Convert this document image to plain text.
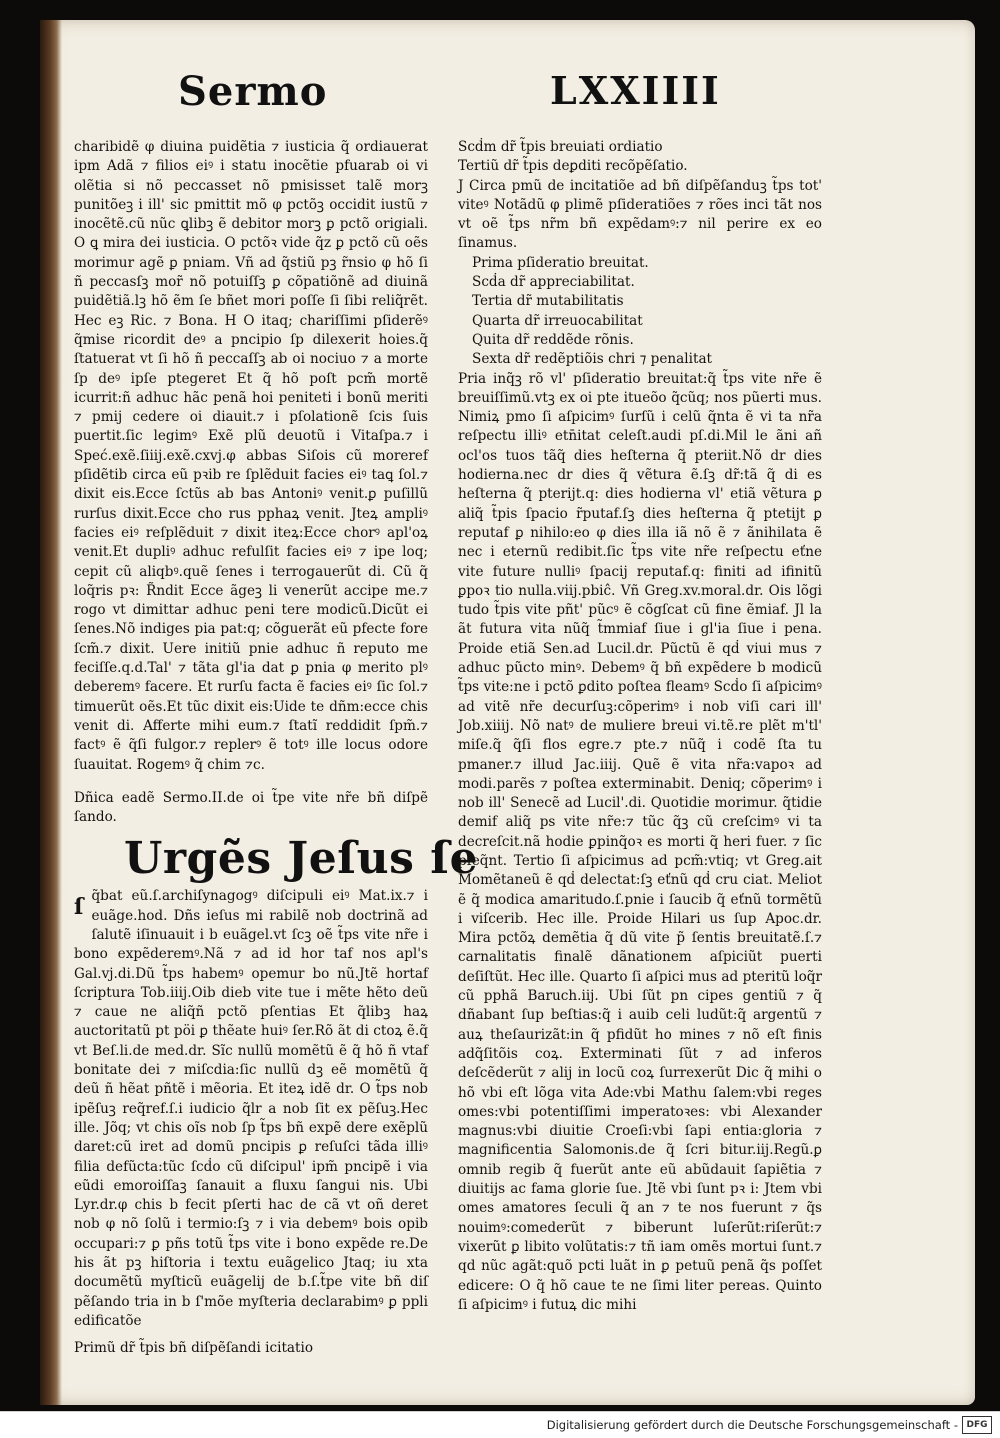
Sermo	LXXIIII

charibidẽ φ diuina puidẽtia ⁊ iusticia q̃ ordiauerat ipm Adã ⁊ filios eiꝰ i statu inocẽtie pfuarab oi vi olẽtia si nõ peccasset nõ pmisisset talẽ morꝫ punitõeꝫ i ill' sic pmittit mõ φ pctõꝫ occidit iustũ ⁊ inocẽtẽ.cũ nũc ꝗlibꝫ ẽ debitor morꝫ ꝑ pctõ origiali. O ꝗ mira dei iusticia. O pctõꝛ vide q̃z ꝑ pctõ cũ oẽs morimur agẽ ꝑ pniam. Vñ ad q̃stiũ pꝫ r̃nsio φ hõ ſi ñ peccasſꝫ mor̃ nõ potuiſſꝫ ꝑ cõpatiõnẽ ad diuinã puidẽtiã.lꝫ hõ ẽm ſe bñet mori poſſe ſi ſibi reliq̃rẽt. Hec eꝫ Ric. ⁊ Bona. H O itaq; chariſſimi pſiderẽꝰ q̃mise ricordit deꝰ a pncipio ſp dilexerit hoies.q̃ ſtatuerat vt ſi hõ ñ peccaſſꝫ ab oi nociuo ⁊ a morte ſp deꝰ ipſe ptegeret Et q̃ hõ poſt pcm̃ mortẽ icurrit:ñ adhuc hãc penã hoi peniteti i bonũ meriti ⁊ pmij cedere oi diauit.⁊ i pſolationẽ ſcis ſuis puertit.ſic legimꝰ Exẽ plũ deuotũ i Vitaſpa.⁊ i Speć.exẽ.ſiiij.exẽ.cxvj.φ abbas Siſois cũ moreref pſidẽtib circa eũ pꝛib re ſplẽduit facies eiꝰ taꝗ ſol.⁊ dixit eis.Ecce ſctũs ab bas Antoniꝰ venit.ꝑ puſillũ rurſus dixit.Ecce cho rus pphaꝝ venit. Jteꝝ ampliꝰ facies eiꝰ reſplẽduit ⁊ dixit iteꝝ:Ecce chorꝰ apl'oꝝ venit.Et dupliꝰ adhuc refulſit facies eiꝰ ⁊ ipe loq; cepit cũ aliqbꝰ.quẽ ſenes i terrogauerũt di. Cũ q̃ loq̃ris pꝛ: R̃ndit Ecce ãgeꝫ li venerũt accipe me.⁊ rogo vt dimittar adhuc peni tere modicũ.Dicũt ei ſenes.Nõ indiges pia pat:q; cõguerãt eũ pfecte fore ſcm̃.⁊ dixit. Uere initiũ pnie adhuc ñ reputo me feciſſe.q.d.Tal' ⁊ tãta gl'ia dat ꝑ pnia φ merito plꝰ deberemꝰ facere. Et rurſu facta ẽ facies eiꝰ ſic ſol.⁊ timuerũt oẽs.Et tũc dixit eis:Uide te dñm:ecce chis venit di. Afferte mihi eum.⁊ ſtatĩ reddidit ſpm̃.⁊ factꝰ ẽ q̃ſi fulgor.⁊ replerꝰ ẽ totꝰ ille locus odore ſuauitat. Rogemꝰ q̃ chim ⁊c.

Dñica eadẽ Sermo.II.de oi t̃pe vite nr̃e bñ diſpẽ ſando.

Urgẽs Jeſus ſe

ſq̃bat eũ.ſ.archiſynagogꝰ diſcipuli eiꝰ Mat.ix.⁊ i euãge.hod. Dñs ieſus mi rabilẽ nob doctrinã ad ſalutẽ iſinuauit i b euãgel.vt ſcꝫ oẽ t̃ps vite nr̃e i bono expẽderemꝰ.Nã ⁊ ad id hor taf nos apl's Gal.vj.di.Dũ t̃ps habemꝰ opemur bo nũ.Jtẽ hortaf ſcriptura Tob.iiij.Oib dieb vite tue i mẽte hẽto deũ ⁊ caue ne aliq̃ñ pctõ pſentias Et q̃libꝫ haꝝ auctoritatũ pt pöi ꝑ thẽate huiꝰ ſer.Rõ ãt di ctoꝝ ẽ.q̃ vt Beſ.li.de med.dr. Sĩc nullũ momẽtũ ẽ q̃ hõ ñ vtaf bonitate dei ⁊ miſcdia:ſic nullũ dꝫ eẽ momẽtũ q̃ deũ ñ hẽat pñtẽ i mẽoria. Et iteꝝ idẽ dr. O t̃ps nob ipẽſuꝫ req̃ref.ſ.i iudicio q̃lr a nob ſit ex pẽſuꝫ.Hec ille. Jõq; vt chis oĩs nob ſp t̃ps bñ expẽ dere exẽplũ daret:cũ iret ad domũ pncipis ꝑ reſuſci tãda illiꝰ filia defũcta:tũc ſcḋo cũ diſcipul' ipm̃ pncipẽ i via eũdi emoroiſſaꝫ ſanauit a fluxu ſangui nis. Ubi Lyr.dr.φ chis b fecit pſerti hac de cã vt oñ deret nob φ nõ ſolũ i termio:ſꝫ ⁊ i via debemꝰ bois opib occupari:⁊ ꝑ pñs totũ t̃ps vite i bono expẽde re.De his ãt pꝫ hiſtoria i textu euãgelico Jtaq; iu xta documẽtũ myſticũ euãgelij de b.ſ.t̃pe vite bñ diſ pẽſando tria in b ſ'mõe myſteria declarabimꝰ ꝑ ppli edificatõe

Primũ dr̃ t̃pis bñ diſpẽſandi icitatio

Scḋm dr̃ t̃pis breuiati ordiatio

Tertiũ dr̃ t̃pis deꝑditi recõpẽſatio.

J Circa pmũ de incitatiõe ad bñ diſpẽſanduꝫ t̃ps tot' viteꝰ Notãdũ φ plimẽ pſideratiões ⁊ rões inci tãt nos vt oẽ t̃ps nr̃m bñ expẽdamꝰ:⁊ nil perire ex eo ſinamus.

Prima pſideratio breuitat.
Scḋa dr̃ appreciabilitat.
Tertia dr̃ mutabilitatis
Quarta dr̃ irreuocabilitat
Quita dr̃ reddẽde rõnis.
Sexta dr̃ redẽptiõis chri ⁊ penalitat

Pria inq̃ꝫ rõ vl' pſideratio breuitat:q̃ t̃ps vite nr̃e ẽ breuiſſimũ.vtꝫ ex oi pte itueõo q̃cũq; nos pũerti mus. Nimiꝝ pmo ſi aſpicimꝰ ſurſũ i celũ q̃nta ẽ vi ta nr̃a reſpectu illiꝰ etn̄itat celeſt.audi pſ.di.Mil le ãni añ ocl'os tuos tãq̃ dies heſterna q̃ pteriit.Nõ dr dies hodierna.nec dr dies q̃ vẽtura ẽ.ſꝫ dr̃:tã q̃ di es heſterna q̃ pterijt.q: dies hodierna vl' etiã vẽtura ꝑ aliq̃ t̃pis ſpacio r̃putaf.ſꝫ dies heſterna q̃ ptetijt ꝑ reputaf ꝑ nihilo:eo φ dies illa iã nõ ẽ ⁊ ãnihilata ẽ nec i eternũ redibit.ſic t̃ps vite nr̃e reſpectu eťne vite future nulliꝰ ſpacij reputaf.q: finiti ad ifinitũ ꝑpoꝛ tio nulla.viij.pbiĉ. Vñ Greg.xv.moral.dr. Ois lõgi tudo t̃pis vite pñt' pũcꝰ ẽ cõgſcat cũ fine ẽmiaf. Jl la ãt futura vita nũq̃ t̃mmiaf ſiue i gl'ia ſiue i pena. Proide etiã Sen.ad Lucil.dr. Pũctũ ẽ qḋ viui mus ⁊ adhuc pũcto minꝰ. Debemꝰ q̃ bñ expẽdere b modicũ t̃ps vite:ne i pctõ ꝑdito poſtea fleamꝰ Scḋo ſi aſpicimꝰ ad vitẽ nr̃e decurſuꝫ:cõperimꝰ i nob viſi cari ill' Job.xiiij. Nõ natꝰ de muliere breui vi.tẽ.re plẽt m'tl' miſe.q̃ q̃ſi flos egre.⁊ pte.⁊ nũq̃ i codẽ ſta tu pmaner.⁊ illud Jac.iiij. Quẽ ẽ vita nr̃a:vapoꝛ ad modi.parẽs ⁊ poſtea exterminabit. Deniq; cõperimꝰ i nob ill' Senecẽ ad Lucil'.di. Quotidie morimur. q̃tidie demif aliq̃ ps vite nr̃e:⁊ tũc q̃ꝫ cũ creſcimꝰ vi ta decreſcit.nã hodie ꝑpinq̃oꝛ es morti q̃ heri fuer. ⁊ ſic pſeq̃nt. Tertio ſi aſpicimus ad pcm̃:vtiq; vt Greg.ait Momẽtaneũ ẽ qḋ delectat:ſꝫ eťnũ qḋ cru ciat. Meliot ẽ q̃ modica amaritudo.ſ.pnie i ſaucib q̃ eťnũ tormẽtũ i viſcerib. Hec ille. Proide Hilari us ſup Apoc.dr. Mira pctõꝝ demẽtia q̃ dũ vite p̃ ſentis breuitatẽ.ſ.⁊ carnalitatis finalẽ dãnationem aſpiciũt puerti deſiſtũt. Hec ille. Quarto ſi aſpici mus ad pteritũ loq̃r cũ pphã Baruch.iij. Ubi ſũt pn cipes gentiũ ⁊ q̃ dñabant ſup beſtias:q̃ i auib celi ludũt:q̃ argentũ ⁊ auꝝ theſaurizãt:in q̃ pfidũt ho mines ⁊ nõ eſt finis adq̃ſitõis coꝝ. Exterminati ſũt ⁊ ad inferos deſcẽderũt ⁊ alij in locũ coꝝ ſurrexerũt Dic q̃ mihi o hõ vbi eſt lõga vita Ade:vbi Mathu ſalem:vbi reges omes:vbi potentiſſimi imperatoꝛes: vbi Alexander magnus:vbi diuitie Croeſi:vbi ſapi entia:gloria ⁊ magnificentia Salomonis.de q̃ ſcri bitur.iij.Regũ.ꝑ omnib regib q̃ fuerũt ante eũ abũdauit ſapiẽtia ⁊ diuitijs ac fama glorie ſue. Jtẽ vbi ſunt pꝛ i: Jtem vbi omes amatores ſeculi q̃ an ⁊ te nos fuerunt ⁊ q̃s nouimꝰ:comederũt ⁊ biberunt luſerũt:riſerũt:⁊ vixerũt ꝑ libito volũtatis:⁊ tñ iam omẽs mortui ſunt.⁊ qd nũc agãt:quõ pcti luãt in ꝑ petuũ penã q̃s poſſet edicere: O q̃ hõ caue te ne ſimi liter pereas. Quinto ſi aſpicimꝰ i futuꝝ dic mihi

Digitalisierung gefördert durch die Deutsche Forschungsgemeinschaft - DFG
